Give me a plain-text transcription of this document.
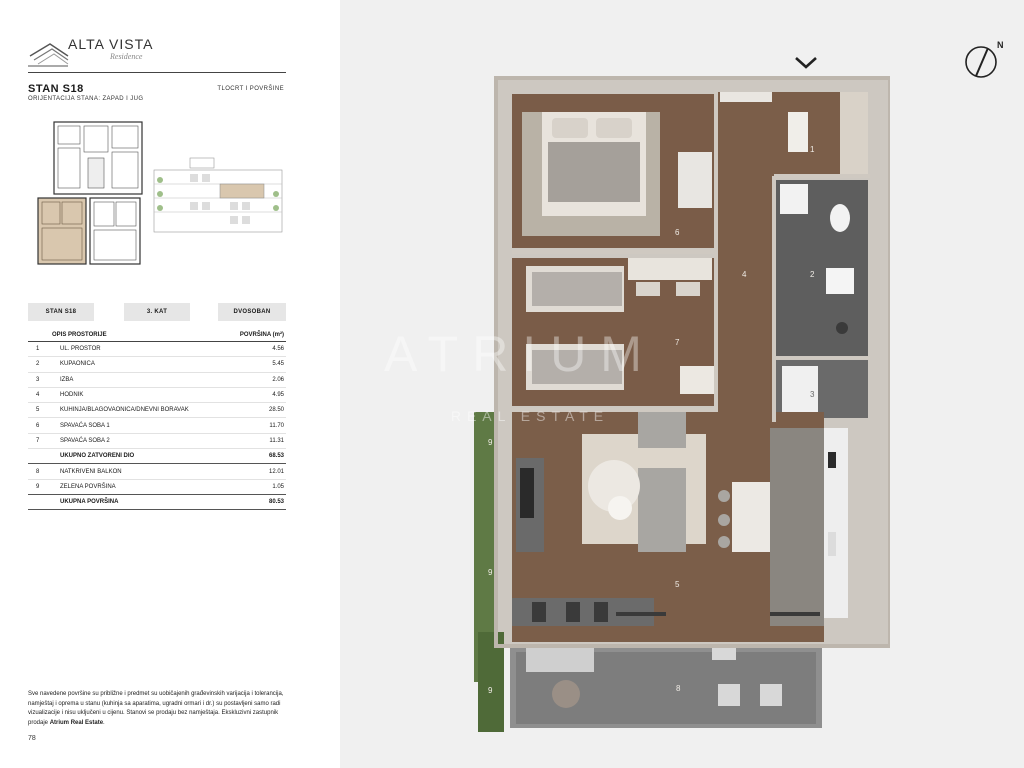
ALTA VISTA
Residence
STAN S18	TLOCRT I POVRŠINE
ORIJENTACIJA STANA: ZAPAD I JUG
STAN S18	3. KAT	DVOSOBAN
OPIS PROSTORIJE	POVRŠINA (m²)
1	UL. PROSTOR	4.56
2	KUPAONICA	5.45
3	IZBA	2.06
4	HODNIK	4.95
5	KUHINJA/BLAGOVAONICA/DNEVNI BORAVAK	28.50
6	SPAVAĆA SOBA 1	11.70
7	SPAVAĆA SOBA 2	11.31
UKUPNO ZATVORENI DIO	68.53
8	NATKRIVENI BALKON	12.01
9	ZELENA POVRŠINA	1.05
UKUPNA POVRŠINA	80.53
Sve navedene površine su približne i predmet su uobičajenih građevinskih varijacija i tolerancija, namještaj i oprema u stanu (kuhinja sa aparatima, ugradni ormari i dr.) su postavljeni samo radi vizualizacije i nisu uključeni u cijenu. Stanovi se prodaju bez namještaja. Ekskluzivni zastupnik prodaje Atrium Real Estate.
78
N
1
2
3
4
5
6
7
8
9
9
9
ATRIUM
REAL ESTATE
